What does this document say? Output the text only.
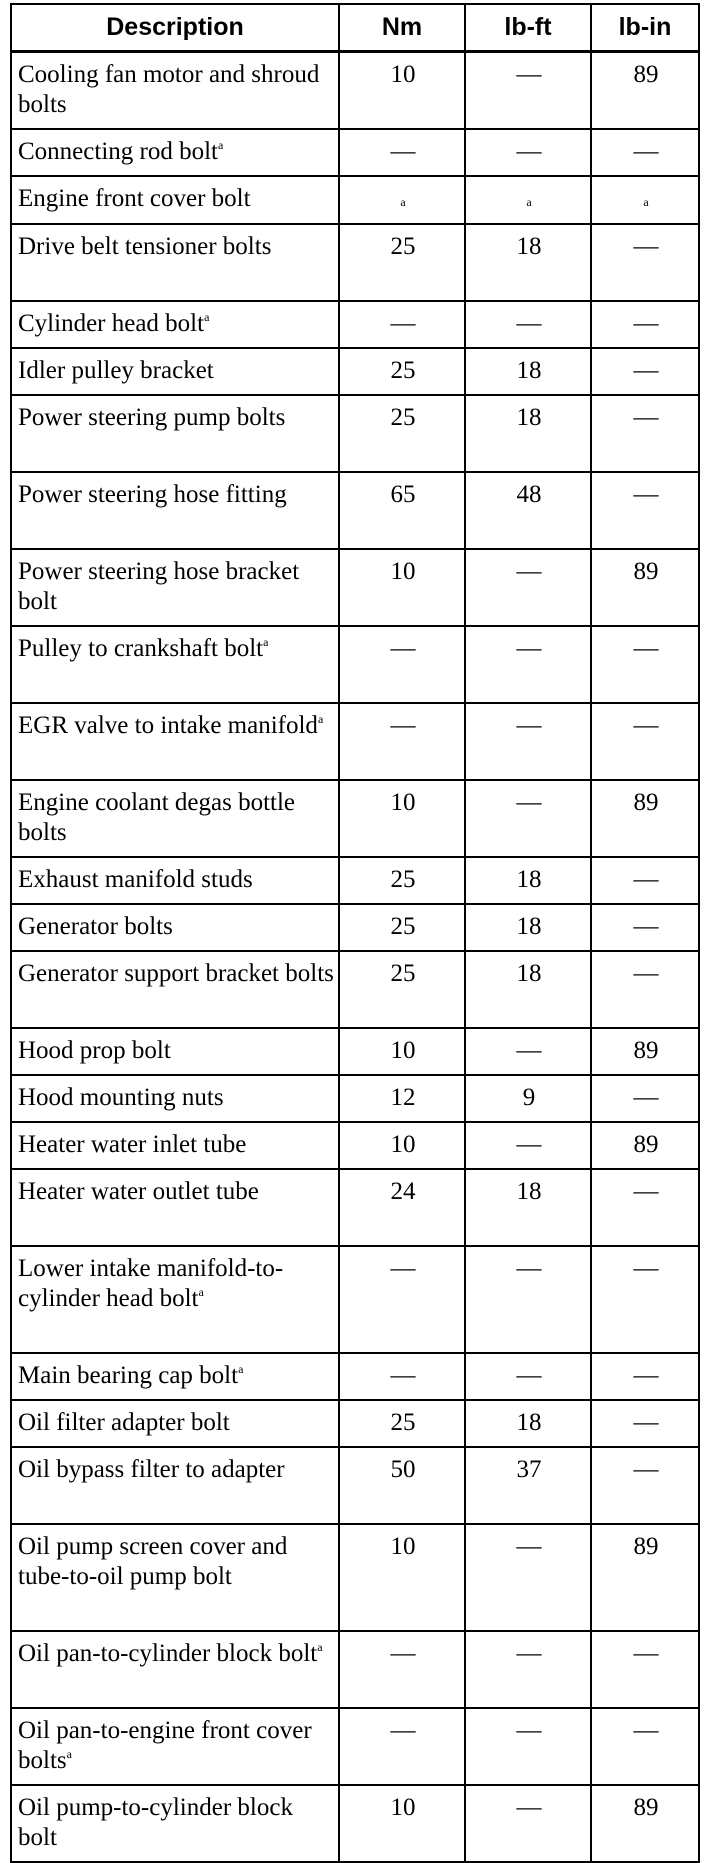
Description	Nm	lb-ft	lb-in
Cooling fan motor and shroud bolts	10	—	89
Connecting rod bolt$^a$	—	—	—
Engine front cover bolt	a	a	a
Drive belt tensioner bolts	25	18	—
Cylinder head bolt$^a$	—	—	—
Idler pulley bracket	25	18	—
Power steering pump bolts	25	18	—
Power steering hose fitting	65	48	—
Power steering hose bracket bolt	10	—	89
Pulley to crankshaft bolt$^a$	—	—	—
EGR valve to intake manifold$^a$	—	—	—
Engine coolant degas bottle bolts	10	—	89
Exhaust manifold studs	25	18	—
Generator bolts	25	18	—
Generator support bracket bolts	25	18	—
Hood prop bolt	10	—	89
Hood mounting nuts	12	9	—
Heater water inlet tube	10	—	89
Heater water outlet tube	24	18	—
Lower intake manifold-to-cylinder head bolt$^a$	—	—	—
Main bearing cap bolt$^a$	—	—	—
Oil filter adapter bolt	25	18	—
Oil bypass filter to adapter	50	37	—
Oil pump screen cover and tube-to-oil pump bolt	10	—	89
Oil pan-to-cylinder block bolt$^a$	—	—	—
Oil pan-to-engine front cover bolts$^a$	—	—	—
Oil pump-to-cylinder block bolt	10	—	89
